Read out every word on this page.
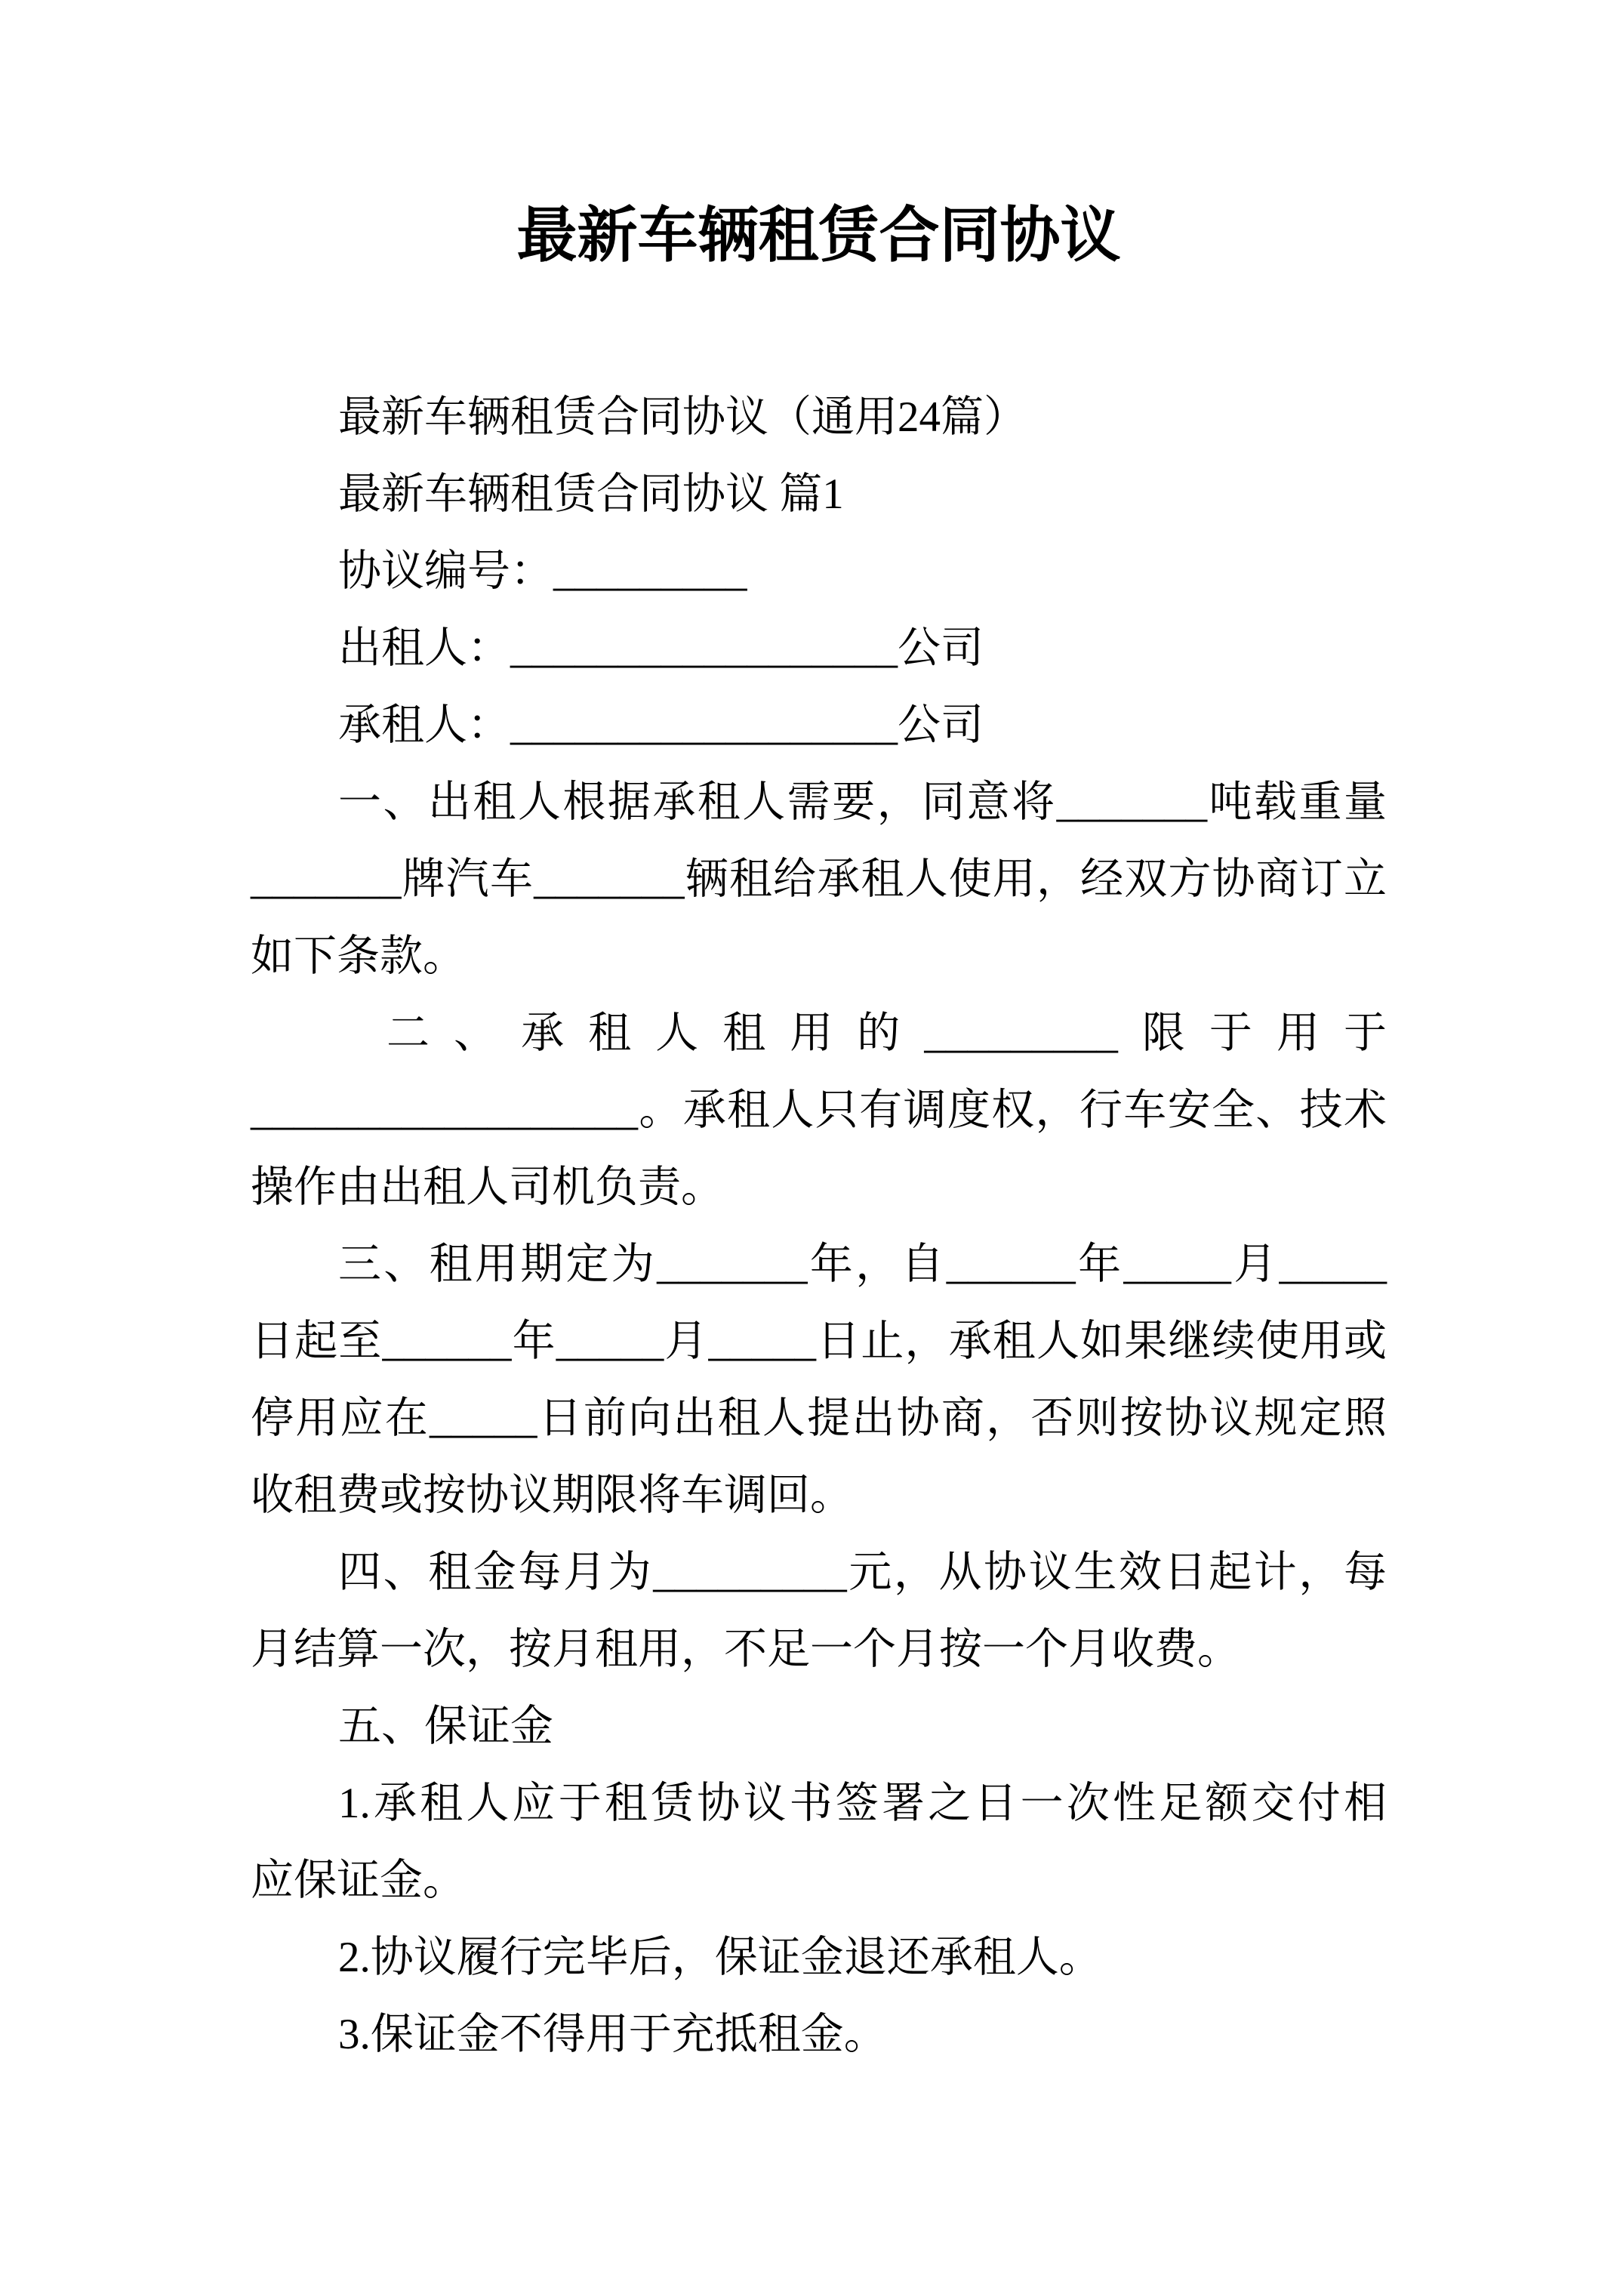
最新车辆租赁合同协议
最新车辆租赁合同协议（通用24篇）
最新车辆租赁合同协议 篇1
协议编号：_________
出租人：__________________公司
承租人：__________________公司
一、出租人根据承租人需要，同意将_______吨载重量
_______牌汽车_______辆租给承租人使用，经双方协商订立
如下条款。
二、承租人租用的_________限于用于
__________________。承租人只有调度权，行车安全、技术
操作由出租人司机负责。
三、租用期定为_______年，自______年_____月_____
日起至______年_____月_____日止，承租人如果继续使用或
停用应在_____日前向出租人提出协商，否则按协议规定照
收租费或按协议期限将车调回。
四、租金每月为_________元，从协议生效日起计，每
月结算一次，按月租用，不足一个月按一个月收费。
五、保证金
1.承租人应于租赁协议书签署之日一次性足额交付相
应保证金。
2.协议履行完毕后，保证金退还承租人。
3.保证金不得用于充抵租金。
